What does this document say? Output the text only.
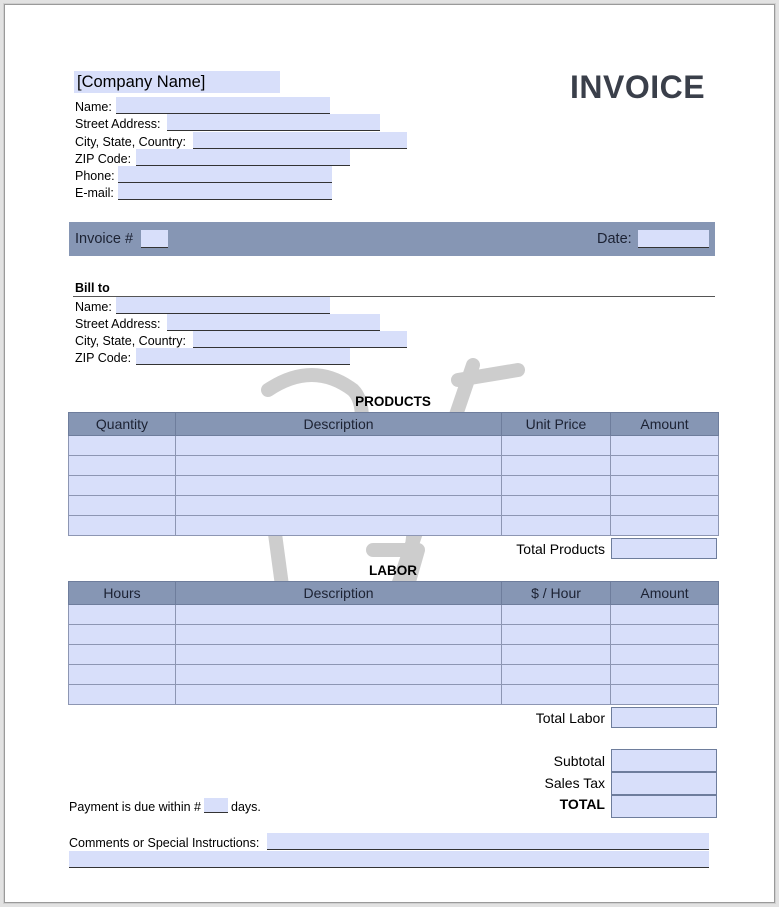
[Company Name]	INVOICE
Name:
Street Address:
City, State, Country:
ZIP Code:
Phone:
E-mail:
Invoice #	Date:
Bill to
Name:
Street Address:
City, State, Country:
ZIP Code:
PRODUCTS
Quantity	Description	Unit Price	Amount

Total Products
LABOR
Hours	Description	$ / Hour	Amount

Total Labor
Subtotal
Sales Tax
TOTAL
Payment is due within # days.
Comments or Special Instructions:
